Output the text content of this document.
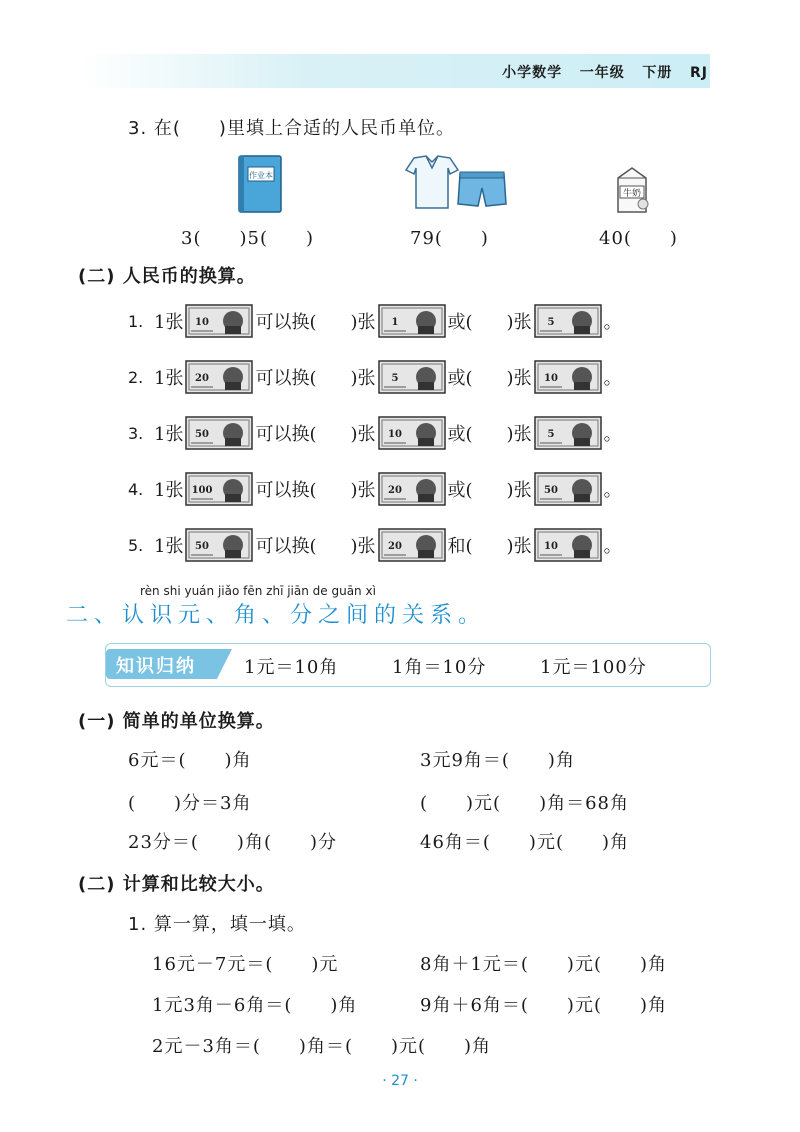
小学数学 一年级 下册 RJ
3. 在(　　)里填上合适的人民币单位。
作业本
牛奶
3(　　)5(　　)	79(　　)	40(　　)
(二) 人民币的换算。
1. 1张 10	可以换( )张 1	或( )张 5	。
2. 1张 20	可以换( )张 5	或( )张 10	。
3. 1张 50	可以换( )张 10	或( )张 5	。
4. 1张 100 可以换( )张 20	或( )张 50	。
5. 1张 50	可以换( )张 20	和( )张 10	。
rèn shi yuán jiǎo fēn zhī jiān de guān xì
二、认识元、角、分之间的关系。
知识归纳	1元＝10角	1角＝10分	1元＝100分
(一) 简单的单位换算。
6元＝(　　)角
(　　)分＝3角
23分＝(　　)角(　　)分
3元9角＝(　　)角
(　　)元(　　)角＝68角
46角＝(　　)元(　　)角
(二) 计算和比较大小。
1. 算一算，填一填。
16元－7元＝(　　)元
1元3角－6角＝(　　)角
2元－3角＝(　　)角＝(　　)元(　　)角
8角＋1元＝(　　)元(　　)角
9角＋6角＝(　　)元(　　)角
· 27 ·
